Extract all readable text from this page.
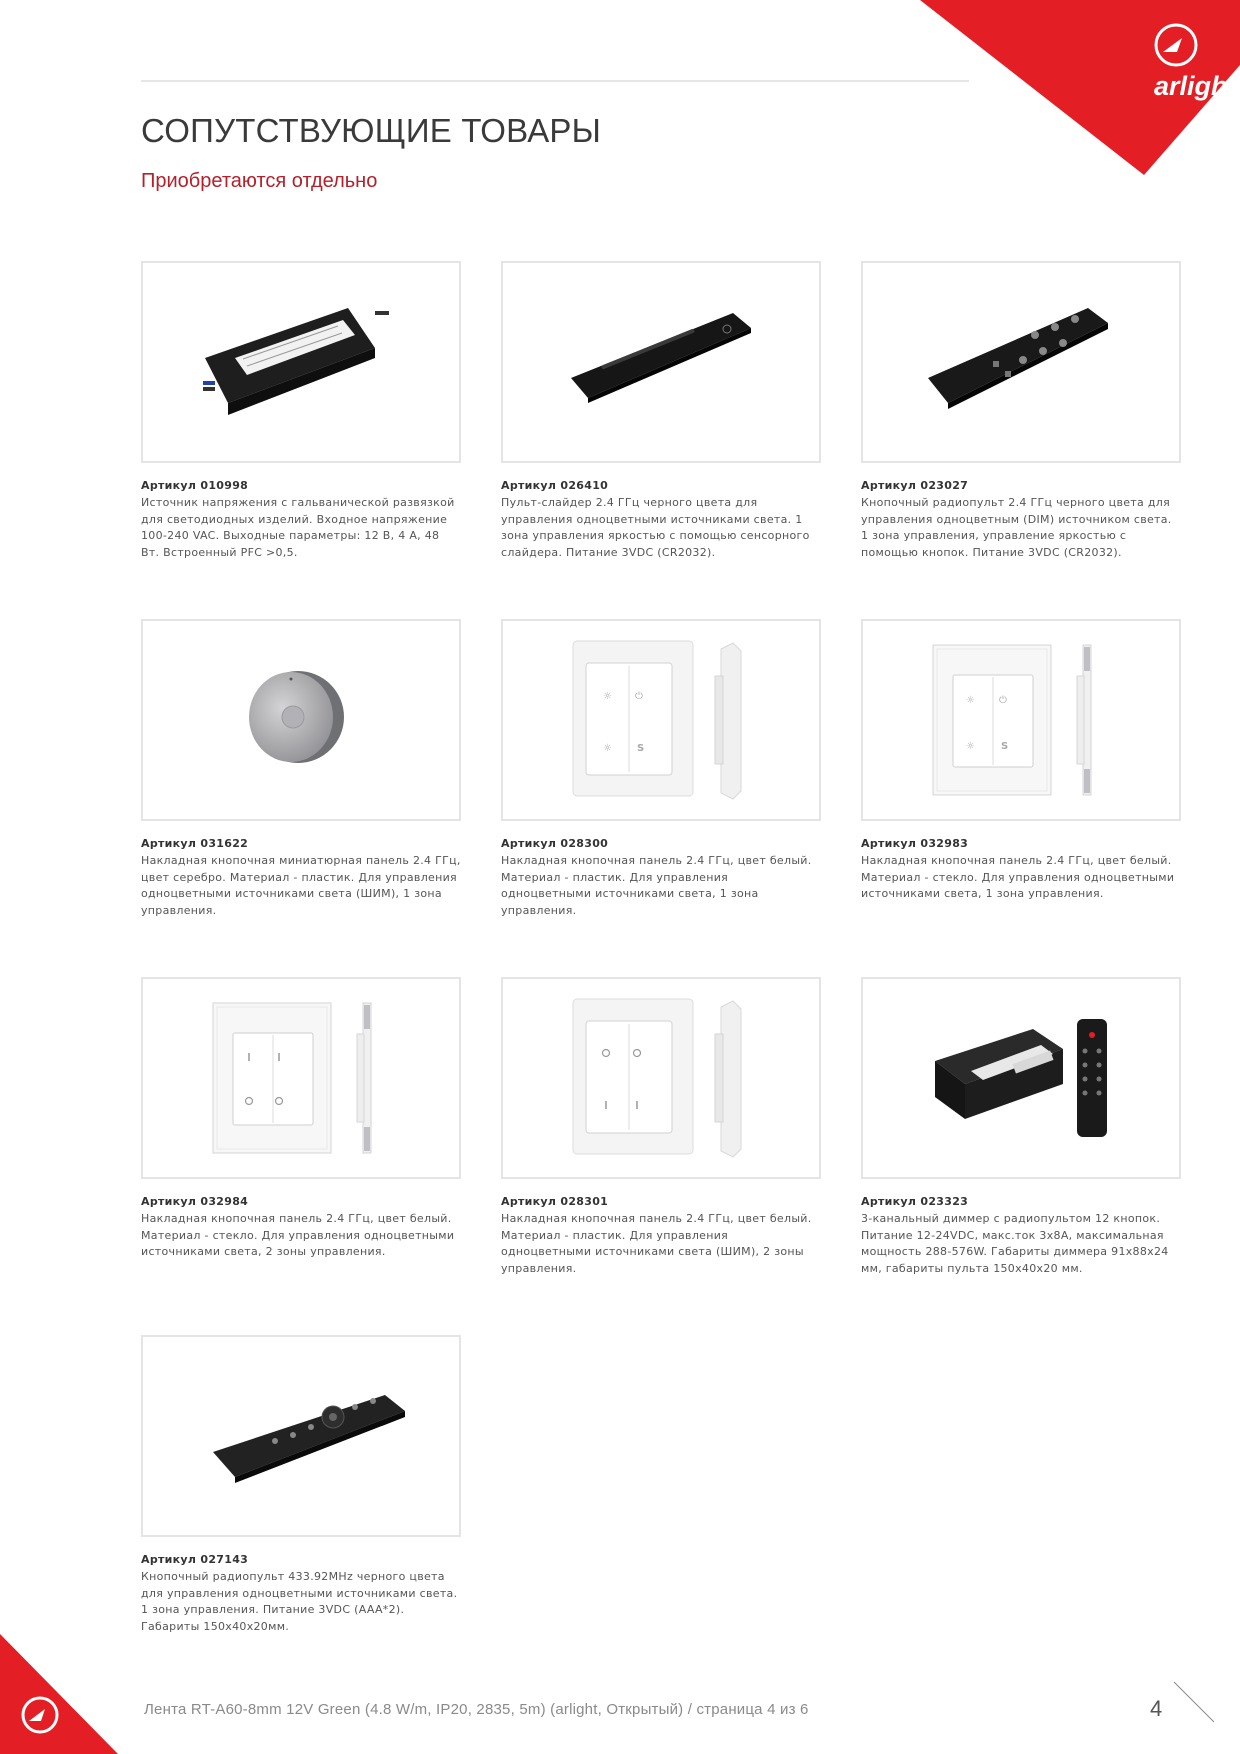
arlight
СОПУТСТВУЮЩИЕ ТОВАРЫ
Приобретаются отдельно
Артикул 010998
Источник напряжения с гальванической развязкой для светодиодных изделий. Входное напряжение 100-240 VAC. Выходные параметры: 12 В, 4 А, 48 Вт. Встроенный PFC >0,5.
Артикул 026410
Пульт-слайдер 2.4 ГГц черного цвета для управления одноцветными источниками света. 1 зона управления яркостью с помощью сенсорного слайдера. Питание 3VDC (CR2032).
Артикул 023027
Кнопочный радиопульт 2.4 ГГц черного цвета для управления одноцветным (DIM) источником света. 1 зона управления, управление яркостью с помощью кнопок. Питание 3VDC (CR2032).
Артикул 031622
Накладная кнопочная миниатюрная панель 2.4 ГГц, цвет серебро. Материал - пластик. Для управления одноцветными источниками света (ШИМ), 1 зона управления.
☼ ⏻
☼	S
Артикул 028300
Накладная кнопочная панель 2.4 ГГц, цвет белый. Материал - пластик. Для управления одноцветными источниками света, 1 зона управления.
☼ ⏻
☼	S
Артикул 032983
Накладная кнопочная панель 2.4 ГГц, цвет белый. Материал - стекло. Для управления одноцветными источниками света, 1 зона управления.
Артикул 032984
Накладная кнопочная панель 2.4 ГГц, цвет белый. Материал - стекло. Для управления одноцветными источниками света, 2 зоны управления.
Артикул 028301
Накладная кнопочная панель 2.4 ГГц, цвет белый. Материал - пластик. Для управления одноцветными источниками света (ШИМ), 2 зоны управления.
Артикул 023323
3-канальный диммер с радиопультом 12 кнопок. Питание 12-24VDC, макс.ток 3х8А, максимальная мощность 288-576W. Габариты диммера 91х88х24 мм, габариты пульта 150х40х20 мм.
Артикул 027143
Кнопочный радиопульт 433.92MHz черного цвета для управления одноцветными источниками света. 1 зона управления. Питание 3VDC (AAA*2). Габариты 150х40х20мм.
Лента RT-A60-8mm 12V Green (4.8 W/m, IP20, 2835, 5m) (arlight, Открытый) / страница 4 из 6	4
